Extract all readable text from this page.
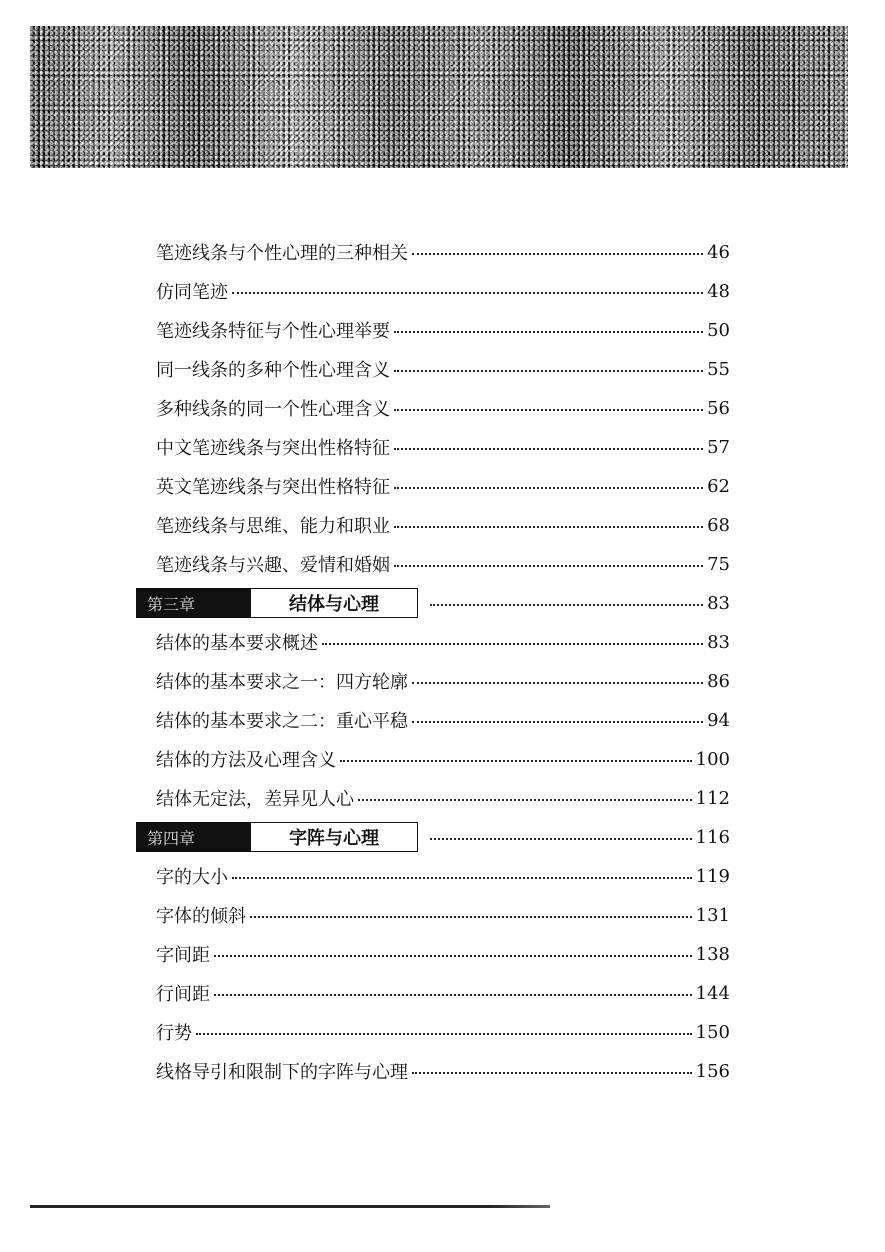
笔迹线条与个性心理的三种相关	46
仿同笔迹	48
笔迹线条特征与个性心理举要	50
同一线条的多种个性心理含义	55
多种线条的同一个性心理含义	56
中文笔迹线条与突出性格特征	57
英文笔迹线条与突出性格特征	62
笔迹线条与思维、能力和职业	68
笔迹线条与兴趣、爱情和婚姻	75
第三章	结体与心理	83
结体的基本要求概述	83
结体的基本要求之一：四方轮廓	86
结体的基本要求之二：重心平稳	94
结体的方法及心理含义	100
结体无定法，差异见人心	112
第四章	字阵与心理	116
字的大小	119
字体的倾斜	131
字间距	138
行间距	144
行势	150
线格导引和限制下的字阵与心理	156
